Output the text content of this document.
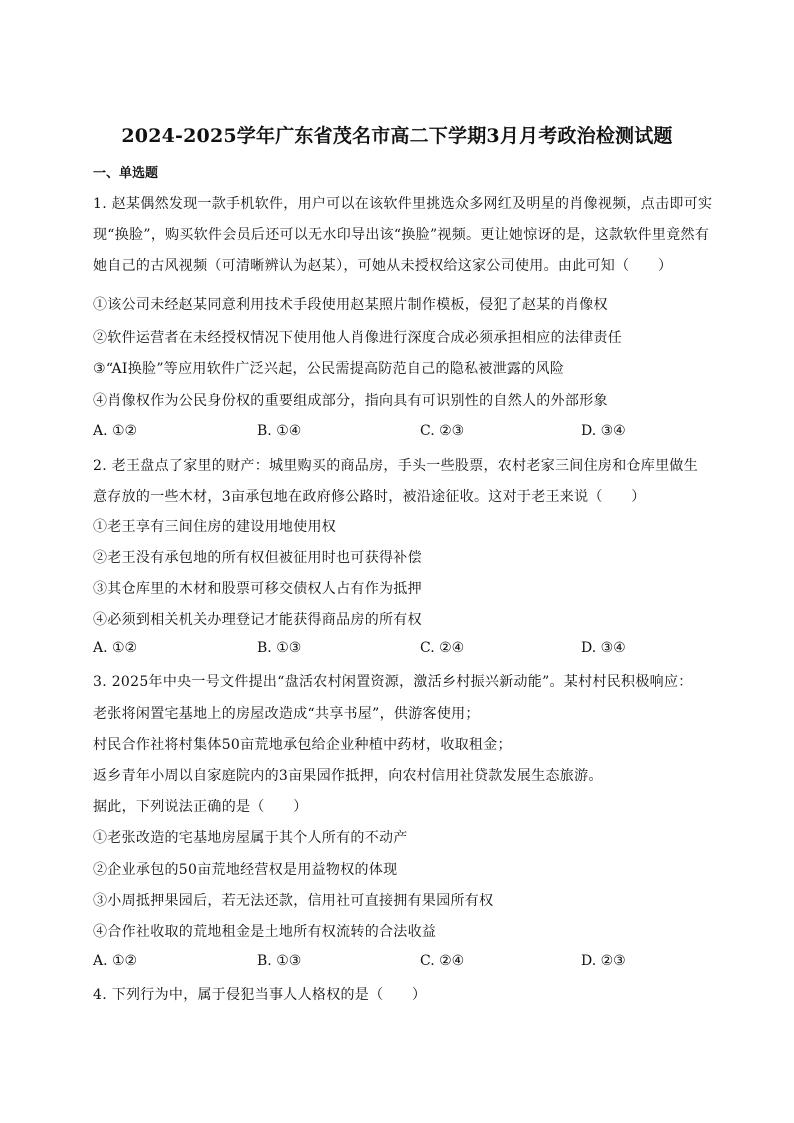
2024-2025学年广东省茂名市高二下学期3月月考政治检测试题
一、单选题
1. 赵某偶然发现一款手机软件，用户可以在该软件里挑选众多网红及明星的肖像视频，点击即可实
现“换脸”，购买软件会员后还可以无水印导出该“换脸”视频。更让她惊讶的是，这款软件里竟然有
她自己的古风视频（可清晰辨认为赵某），可她从未授权给这家公司使用。由此可知（　　）
①该公司未经赵某同意利用技术手段使用赵某照片制作模板，侵犯了赵某的肖像权
②软件运营者在未经授权情况下使用他人肖像进行深度合成必须承担相应的法律责任
③“AI换脸”等应用软件广泛兴起，公民需提高防范自己的隐私被泄露的风险
④肖像权作为公民身份权的重要组成部分，指向具有可识别性的自然人的外部形象
A. ①②	B. ①④	C. ②③	D. ③④
2. 老王盘点了家里的财产：城里购买的商品房，手头一些股票，农村老家三间住房和仓库里做生
意存放的一些木材，3亩承包地在政府修公路时，被沿途征收。这对于老王来说（　　）
①老王享有三间住房的建设用地使用权
②老王没有承包地的所有权但被征用时也可获得补偿
③其仓库里的木材和股票可移交债权人占有作为抵押
④必须到相关机关办理登记才能获得商品房的所有权
A. ①②	B. ①③	C. ②④	D. ③④
3. 2025年中央一号文件提出“盘活农村闲置资源，激活乡村振兴新动能”。某村村民积极响应：
老张将闲置宅基地上的房屋改造成“共享书屋”，供游客使用；
村民合作社将村集体50亩荒地承包给企业种植中药材，收取租金；
返乡青年小周以自家庭院内的3亩果园作抵押，向农村信用社贷款发展生态旅游。
据此，下列说法正确的是（　　）
①老张改造的宅基地房屋属于其个人所有的不动产
②企业承包的50亩荒地经营权是用益物权的体现
③小周抵押果园后，若无法还款，信用社可直接拥有果园所有权
④合作社收取的荒地租金是土地所有权流转的合法收益
A. ①②	B. ①③	C. ②④	D. ②③
4. 下列行为中，属于侵犯当事人人格权的是（　　）
